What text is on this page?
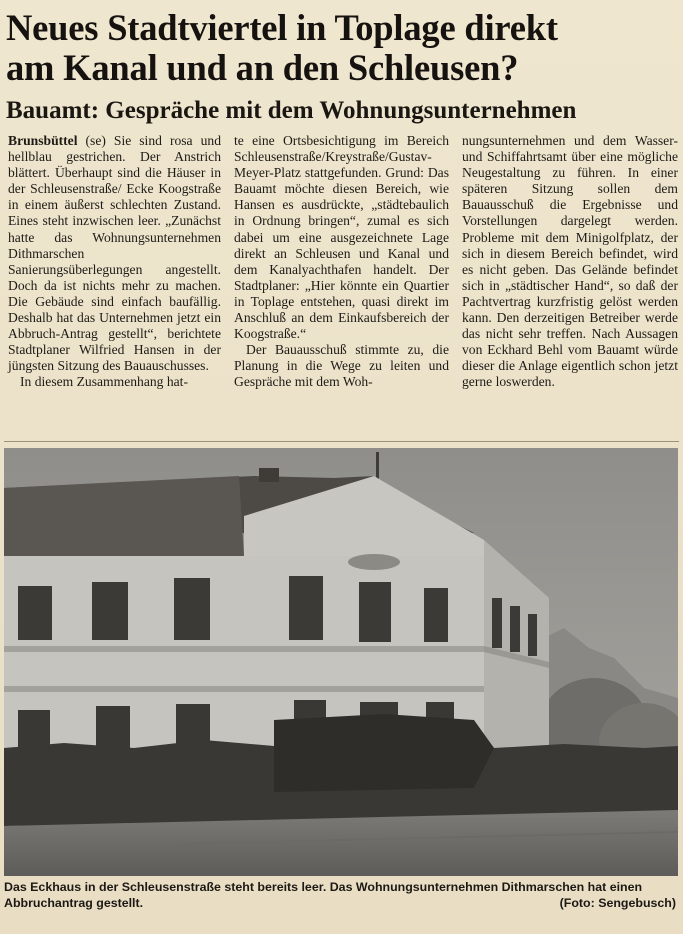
Neues Stadtviertel in Toplage direkt
am Kanal und an den Schleusen?
Bauamt: Gespräche mit dem Wohnungsunternehmen

Brunsbüttel (se) Sie sind rosa und hellblau gestrichen. Der Anstrich blättert. Überhaupt sind die Häuser in der Schleusenstraße/ Ecke Koogstraße in einem äußerst schlechten Zustand. Eines steht inzwischen leer. „Zunächst hatte das Wohnungsunternehmen Dithmarschen Sanierungsüberlegungen angestellt. Doch da ist nichts mehr zu machen. Die Gebäude sind einfach baufällig. Deshalb hat das Unternehmen jetzt ein Abbruch-Antrag gestellt“, berichtete Stadtplaner Wilfried Hansen in der jüngsten Sitzung des Bauauschusses.

In diesem Zusammenhang hat-

te eine Ortsbesichtigung im Bereich Schleusenstraße/Kreystraße/Gustav-Meyer-Platz stattgefunden. Grund: Das Bauamt möchte diesen Bereich, wie Hansen es ausdrückte, „städtebaulich in Ordnung bringen“, zumal es sich dabei um eine ausgezeichnete Lage direkt an Schleusen und Kanal und dem Kanalyachthafen handelt. Der Stadtplaner: „Hier könnte ein Quartier in Toplage entstehen, quasi direkt im Anschluß an dem Einkaufsbereich der Koogstraße.“

Der Bauausschuß stimmte zu, die Planung in die Wege zu leiten und Gespräche mit dem Woh-

nungsunternehmen und dem Wasser- und Schiffahrtsamt über eine mögliche Neugestaltung zu führen. In einer späteren Sitzung sollen dem Bauausschuß die Ergebnisse und Vorstellungen dargelegt werden. Probleme mit dem Minigolfplatz, der sich in diesem Bereich befindet, wird es nicht geben. Das Gelände befindet sich in „städtischer Hand“, so daß der Pachtvertrag kurzfristig gelöst werden kann. Den derzeitigen Betreiber werde das nicht sehr treffen. Nach Aussagen von Eckhard Behl vom Bauamt würde dieser die Anlage eigentlich schon jetzt gerne loswerden.

Das Eckhaus in der Schleusenstraße steht bereits leer. Das Wohnungsunternehmen Dithmarschen hat einen Abbruchantrag gestellt.	(Foto: Sengebusch)
